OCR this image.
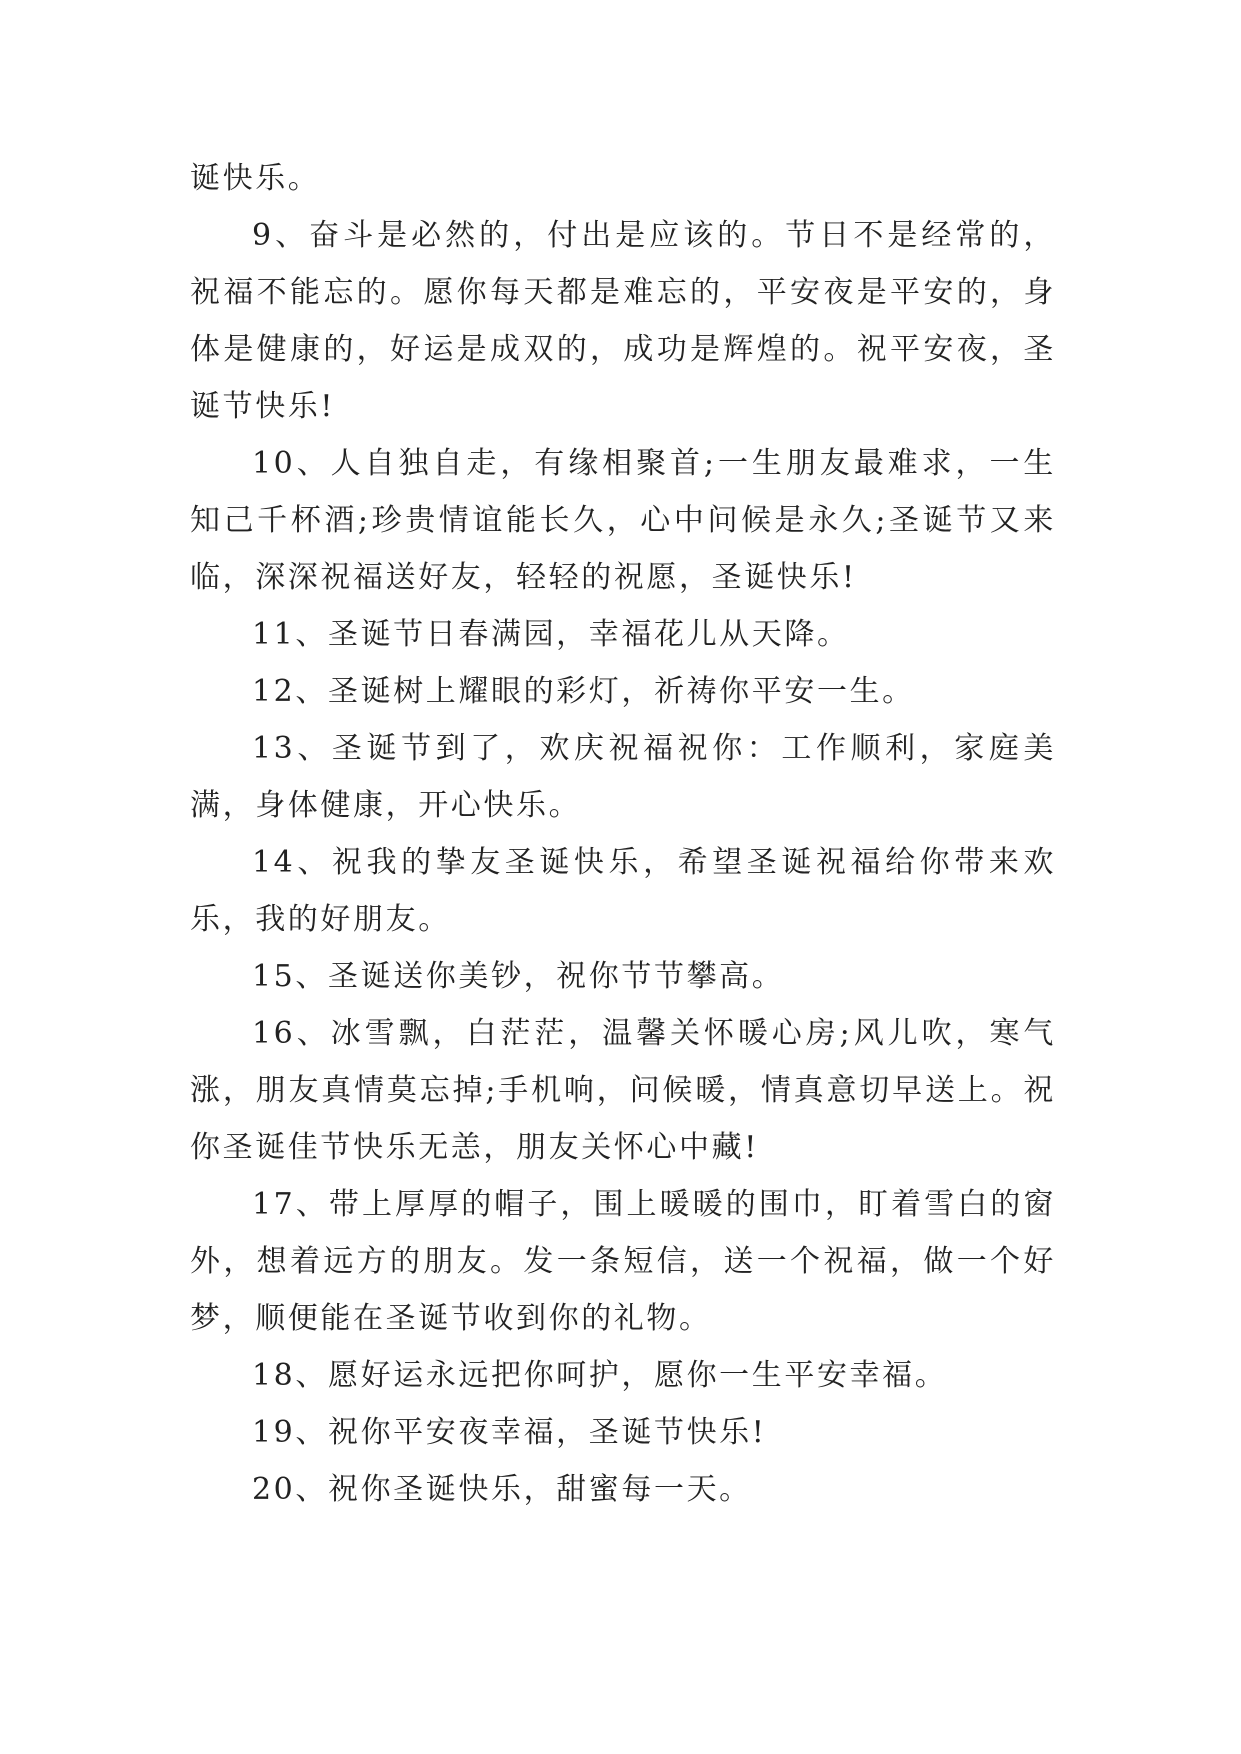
诞快乐。

9、奋斗是必然的，付出是应该的。节日不是经常的，祝福不能忘的。愿你每天都是难忘的，平安夜是平安的，身体是健康的，好运是成双的，成功是辉煌的。祝平安夜，圣诞节快乐!

10、人自独自走，有缘相聚首;一生朋友最难求，一生知己千杯酒;珍贵情谊能长久，心中问候是永久;圣诞节又来临，深深祝福送好友，轻轻的祝愿，圣诞快乐!

11、圣诞节日春满园，幸福花儿从天降。

12、圣诞树上耀眼的彩灯，祈祷你平安一生。

13、圣诞节到了，欢庆祝福祝你：工作顺利，家庭美满，身体健康，开心快乐。

14、祝我的挚友圣诞快乐，希望圣诞祝福给你带来欢乐，我的好朋友。

15、圣诞送你美钞，祝你节节攀高。

16、冰雪飘，白茫茫，温馨关怀暖心房;风儿吹，寒气涨，朋友真情莫忘掉;手机响，问候暖，情真意切早送上。祝你圣诞佳节快乐无恙，朋友关怀心中藏!

17、带上厚厚的帽子，围上暖暖的围巾，盯着雪白的窗外，想着远方的朋友。发一条短信，送一个祝福，做一个好梦，顺便能在圣诞节收到你的礼物。

18、愿好运永远把你呵护，愿你一生平安幸福。

19、祝你平安夜幸福，圣诞节快乐!

20、祝你圣诞快乐，甜蜜每一天。
